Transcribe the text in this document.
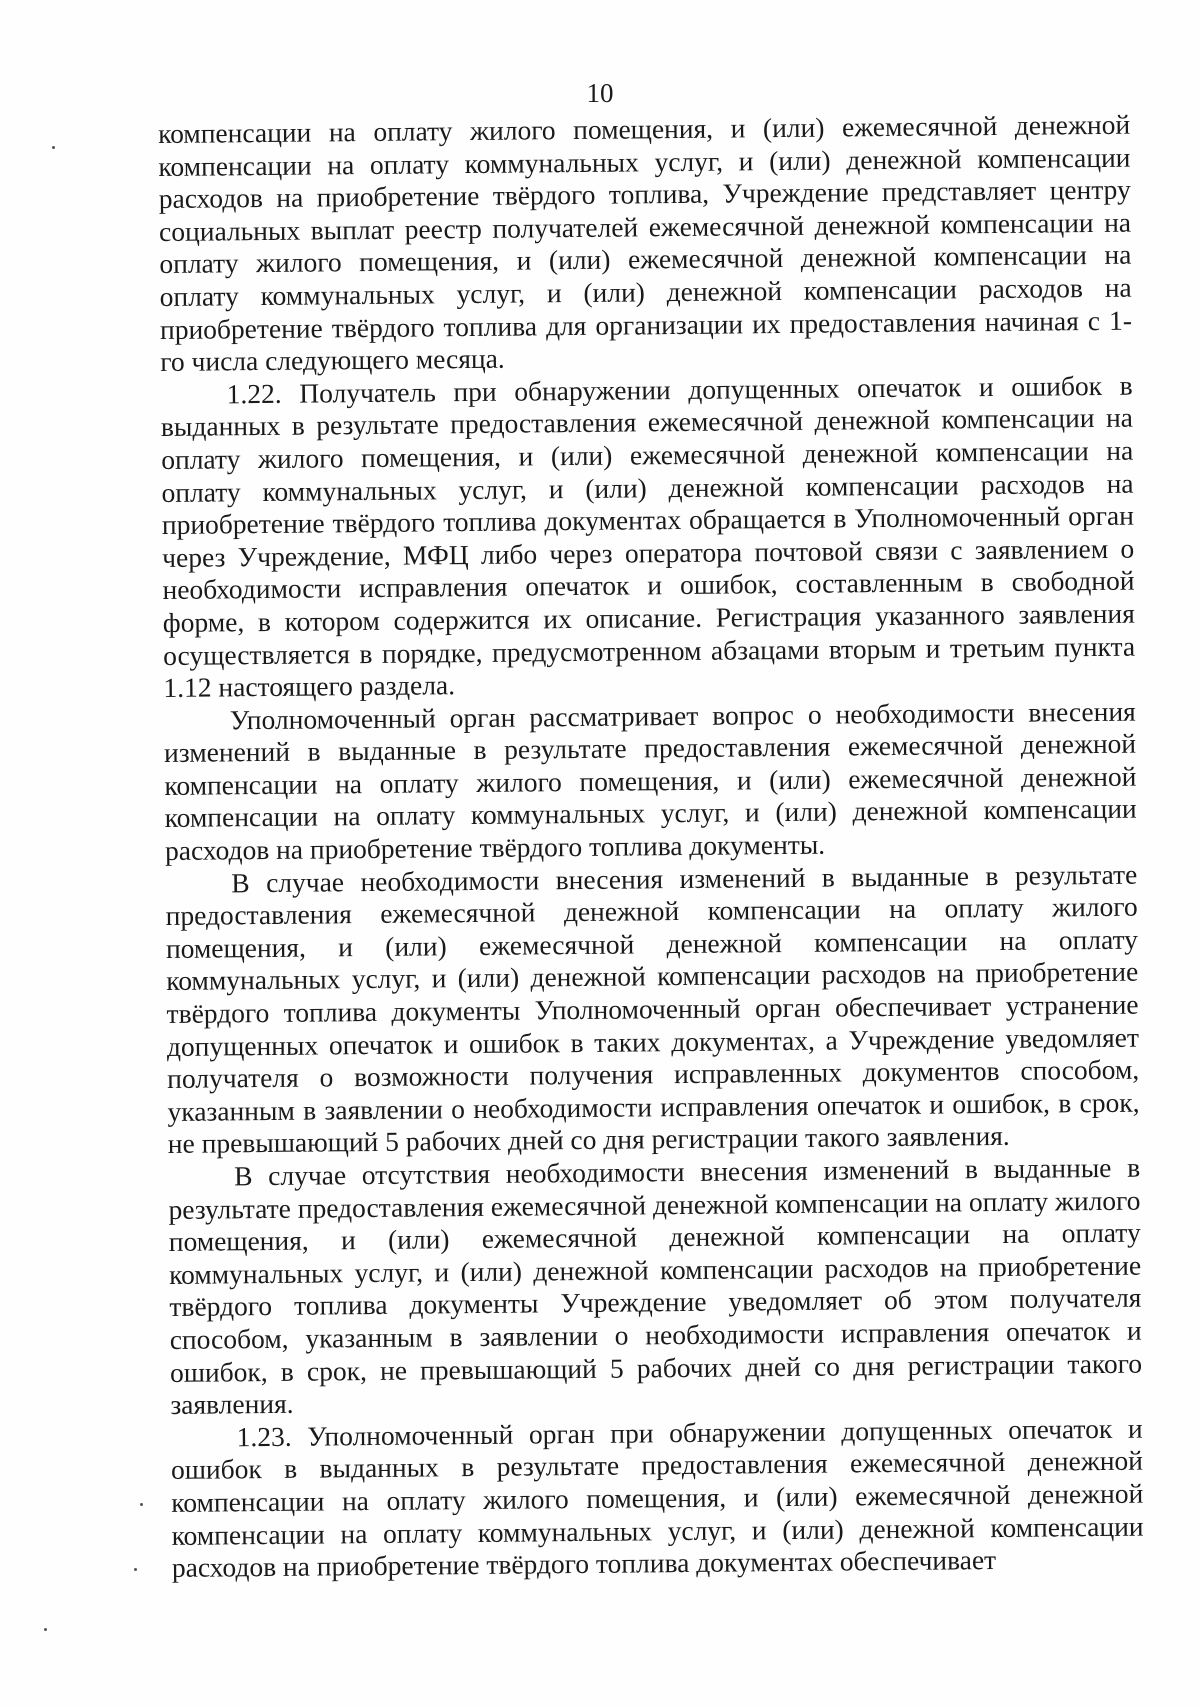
10

компенсации на оплату жилого помещения, и (или) ежемесячной денежной компенсации на оплату коммунальных услуг, и (или) денежной компенсации расходов на приобретение твёрдого топлива, Учреждение представляет центру социальных выплат реестр получателей ежемесячной денежной компенсации на оплату жилого помещения, и (или) ежемесячной денежной компенсации на оплату коммунальных услуг, и (или) денежной компенсации расходов на приобретение твёрдого топлива для организации их предоставления начиная с 1-го числа следующего месяца.

1.22. Получатель при обнаружении допущенных опечаток и ошибок в выданных в результате предоставления ежемесячной денежной компенсации на оплату жилого помещения, и (или) ежемесячной денежной компенсации на оплату коммунальных услуг, и (или) денежной компенсации расходов на приобретение твёрдого топлива документах обращается в Уполномоченный орган через Учреждение, МФЦ либо через оператора почтовой связи с заявлением о необходимости исправления опечаток и ошибок, составленным в свободной форме, в котором содержится их описание. Регистрация указанного заявления осуществляется в порядке, предусмотренном абзацами вторым и третьим пункта 1.12 настоящего раздела.

Уполномоченный орган рассматривает вопрос о необходимости внесения изменений в выданные в результате предоставления ежемесячной денежной компенсации на оплату жилого помещения, и (или) ежемесячной денежной компенсации на оплату коммунальных услуг, и (или) денежной компенсации расходов на приобретение твёрдого топлива документы.

В случае необходимости внесения изменений в выданные в результате предоставления ежемесячной денежной компенсации на оплату жилого помещения, и (или) ежемесячной денежной компенсации на оплату коммунальных услуг, и (или) денежной компенсации расходов на приобретение твёрдого топлива документы Уполномоченный орган обеспечивает устранение допущенных опечаток и ошибок в таких документах, а Учреждение уведомляет получателя о возможности получения исправленных документов способом, указанным в заявлении о необходимости исправления опечаток и ошибок, в срок, не превышающий 5 рабочих дней со дня регистрации такого заявления.

В случае отсутствия необходимости внесения изменений в выданные в результате предоставления ежемесячной денежной компенсации на оплату жилого помещения, и (или) ежемесячной денежной компенсации на оплату коммунальных услуг, и (или) денежной компенсации расходов на приобретение твёрдого топлива документы Учреждение уведомляет об этом получателя способом, указанным в заявлении о необходимости исправления опечаток и ошибок, в срок, не превышающий 5 рабочих дней со дня регистрации такого заявления.

1.23. Уполномоченный орган при обнаружении допущенных опечаток и ошибок в выданных в результате предоставления ежемесячной денежной компенсации на оплату жилого помещения, и (или) ежемесячной денежной компенсации на оплату коммунальных услуг, и (или) денежной компенсации расходов на приобретение твёрдого топлива документах обеспечивает
